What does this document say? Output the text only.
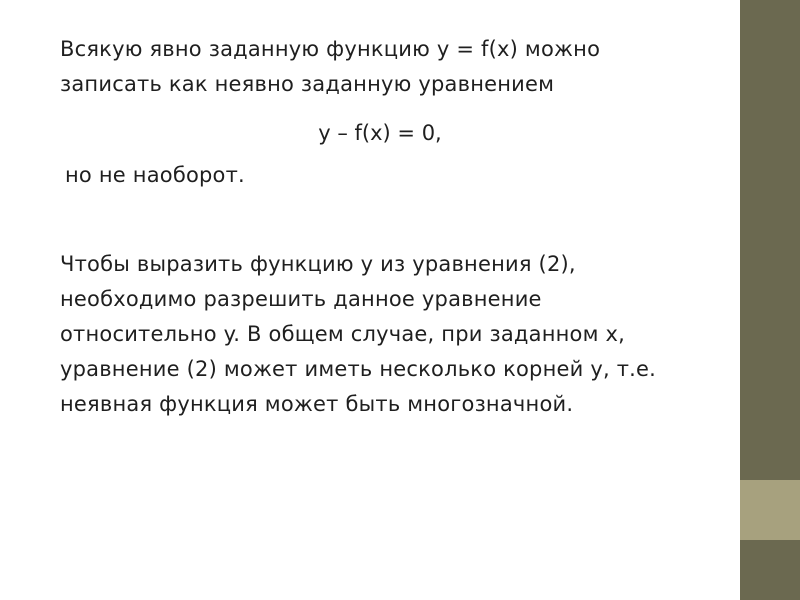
Всякую явно заданную функцию y = f(x) можно записать как неявно заданную уравнением

y – f(x) = 0,

но не наоборот.

Чтобы выразить функцию y из уравнения (2), необходимо разрешить данное уравнение относительно y. В общем случае, при заданном x, уравнение (2) может иметь несколько корней y, т.е. неявная функция может быть многозначной.
